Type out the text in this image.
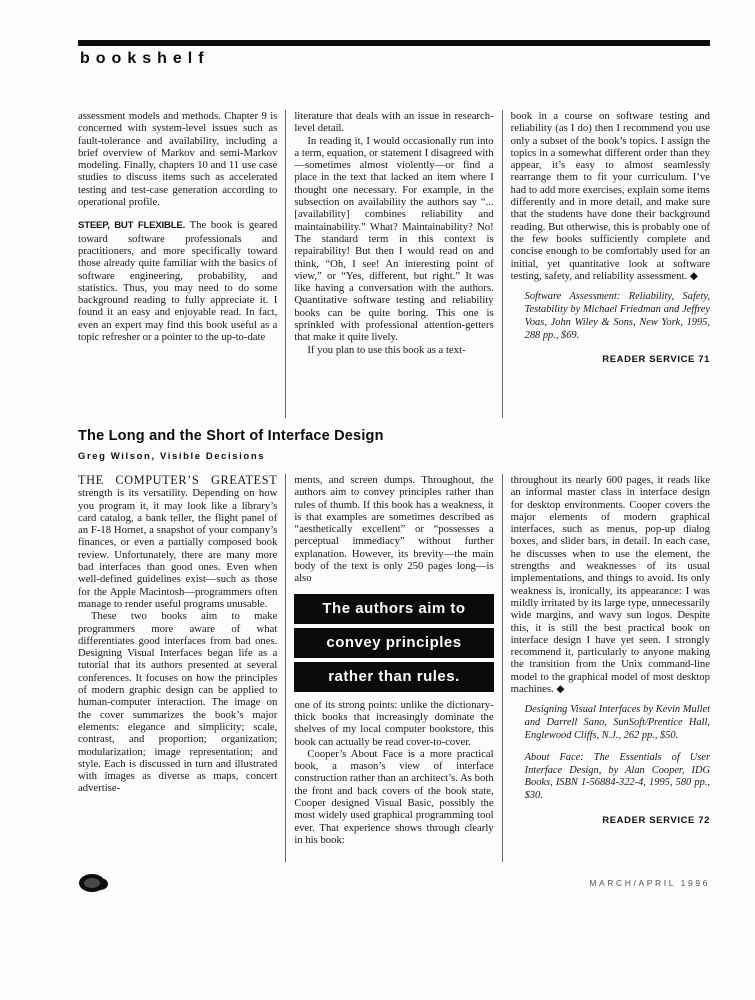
bookshelf

assessment models and methods. Chapter 9 is concerned with system-level issues such as fault-tolerance and availability, including a brief overview of Markov and semi-Markov modeling. Finally, chapters 10 and 11 use case studies to discuss items such as accelerated testing and test-case generation according to operational profile.

STEEP, BUT FLEXIBLE. The book is geared toward software professionals and practitioners, and more specifically toward those already quite familiar with the basics of software engineering, probability, and statistics. Thus, you may need to do some background reading to fully appreciate it. I found it an easy and enjoyable read. In fact, even an expert may find this book useful as a topic refresher or a pointer to the up-to-date

literature that deals with an issue in research-level detail.

In reading it, I would occasionally run into a term, equation, or statement I disagreed with—sometimes almost violently—or find a place in the text that lacked an item where I thought one necessary. For example, in the subsection on availability the authors say “...[availability] combines reliability and maintainability.” What? Maintainability? No! The standard term in this context is repairability! But then I would read on and think, “Oh, I see! An interesting point of view,” or “Yes, different, but right.” It was like having a conversation with the authors. Quantitative software testing and reliability books can be quite boring. This one is sprinkled with professional attention-getters that make it quite lively.

If you plan to use this book as a text-

book in a course on software testing and reliability (as I do) then I recommend you use only a subset of the book’s topics. I assign the topics in a somewhat different order than they appear, it’s easy to almost seamlessly rearrange them to fit your curriculum. I’ve had to add more exercises, explain some items differently and in more detail, and make sure that the students have done their background reading. But otherwise, this is probably one of the few books sufficiently complete and concise enough to be comfortably used for an initial, yet quantitative look at software testing, safety, and reliability assessment. ◆

Software Assessment: Reliability, Safety, Testability by Michael Friedman and Jeffrey Voas, John Wiley & Sons, New York, 1995, 288 pp., $69.

READER SERVICE 71
The Long and the Short of Interface Design
Greg Wilson, Visible Decisions

THE COMPUTER’S GREATEST strength is its versatility. Depending on how you program it, it may look like a library’s card catalog, a bank teller, the flight panel of an F-18 Hornet, a snapshot of your company’s finances, or even a partially composed book review. Unfortunately, there are many more bad interfaces than good ones. Even when well-defined guidelines exist—such as those for the Apple Macintosh—programmers often manage to render useful programs unusable.

These two books aim to make programmers more aware of what differentiates good interfaces from bad ones. Designing Visual Interfaces began life as a tutorial that its authors presented at several conferences. It focuses on how the principles of modern graphic design can be applied to human-computer interaction. The image on the cover summarizes the book’s major elements: elegance and simplicity; scale, contrast, and proportion; organization; modularization; image representation; and style. Each is discussed in turn and illustrated with images as diverse as maps, concert advertise-

ments, and screen dumps. Throughout, the authors aim to convey principles rather than rules of thumb. If this book has a weakness, it is that examples are sometimes described as “aesthetically excellent” or “possesses a perceptual immediacy” without further explanation. However, its brevity—the main body of the text is only 250 pages long—is also

The authors aim to
convey principles
rather than rules.

one of its strong points: unlike the dictionary-thick books that increasingly dominate the shelves of my local computer bookstore, this book can actually be read cover-to-cover.

Cooper’s About Face is a more practical book, a mason’s view of interface construction rather than an architect’s. As both the front and back covers of the book state, Cooper designed Visual Basic, possibly the most widely used graphical programming tool ever. That experience shows through clearly in his book:

throughout its nearly 600 pages, it reads like an informal master class in interface design for desktop environments. Cooper covers the major elements of modern graphical interfaces, such as menus, pop-up dialog boxes, and slider bars, in detail. In each case, he discusses when to use the element, the strengths and weaknesses of its usual implementations, and things to avoid. Its only weakness is, ironically, its appearance: I was mildly irritated by its large type, unnecessarily wide margins, and wavy sun logos. Despite this, it is still the best practical book on interface design I have yet seen. I strongly recommend it, particularly to anyone making the transition from the Unix command-line model to the graphical model of most desktop machines. ◆

Designing Visual Interfaces by Kevin Mullet and Darrell Sano, SunSoft/Prentice Hall, Englewood Cliffs, N.J., 262 pp., $50.

About Face: The Essentials of User Interface Design, by Alan Cooper, IDG Books, ISBN 1-56884-322-4, 1995, 580 pp., $30.

READER SERVICE 72
MARCH/APRIL 1996
